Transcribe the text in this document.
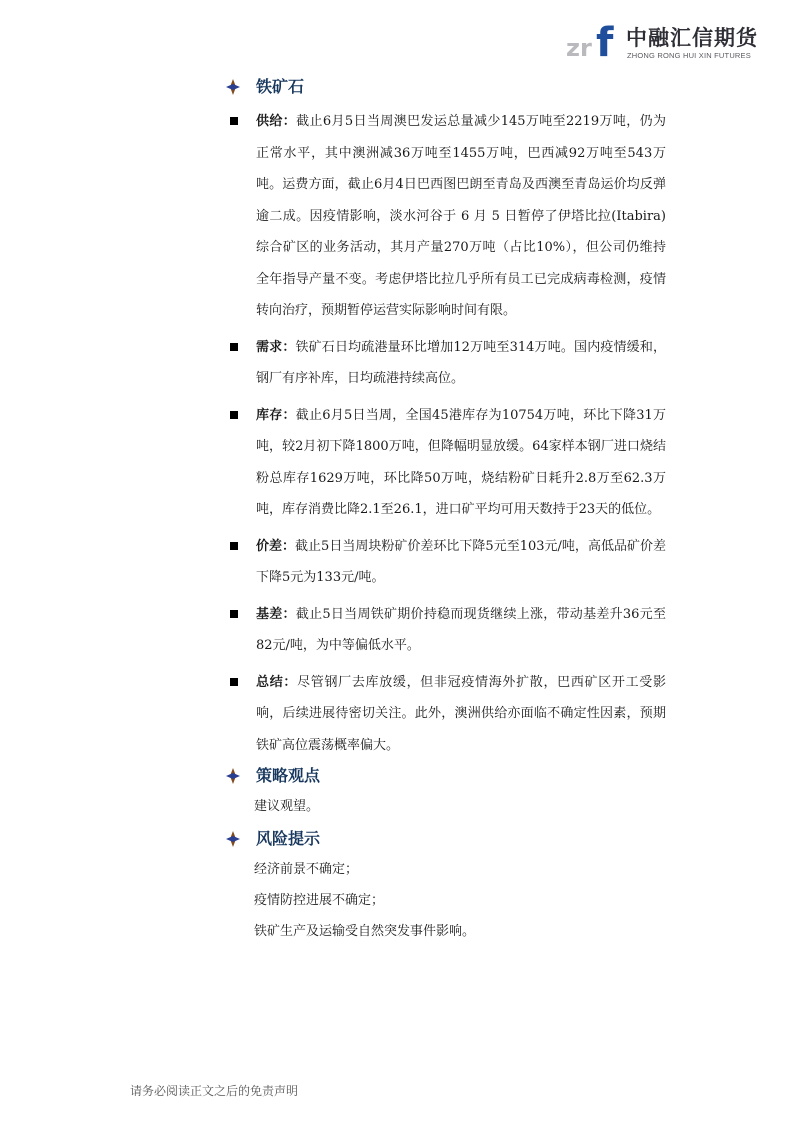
zr f 中融汇信期货
ZHONG RONG HUI XIN FUTURES
铁矿石
供给：截止6月5日当周澳巴发运总量减少145万吨至2219万吨，仍为正常水平，其中澳洲减36万吨至1455万吨，巴西减92万吨至543万吨。运费方面，截止6月4日巴西图巴朗至青岛及西澳至青岛运价均反弹逾二成。因疫情影响，淡水河谷于 6 月 5 日暂停了伊塔比拉(Itabira)综合矿区的业务活动，其月产量270万吨（占比10%），但公司仍维持全年指导产量不变。考虑伊塔比拉几乎所有员工已完成病毒检测，疫情转向治疗，预期暂停运营实际影响时间有限。
需求：铁矿石日均疏港量环比增加12万吨至314万吨。国内疫情缓和，钢厂有序补库，日均疏港持续高位。
库存：截止6月5日当周，全国45港库存为10754万吨，环比下降31万吨，较2月初下降1800万吨，但降幅明显放缓。64家样本钢厂进口烧结粉总库存1629万吨，环比降50万吨，烧结粉矿日耗升2.8万至62.3万吨，库存消费比降2.1至26.1，进口矿平均可用天数持于23天的低位。
价差：截止5日当周块粉矿价差环比下降5元至103元/吨，高低品矿价差下降5元为133元/吨。
基差：截止5日当周铁矿期价持稳而现货继续上涨，带动基差升36元至82元/吨，为中等偏低水平。
总结：尽管钢厂去库放缓，但非冠疫情海外扩散，巴西矿区开工受影响，后续进展待密切关注。此外，澳洲供给亦面临不确定性因素，预期铁矿高位震荡概率偏大。
策略观点
建议观望。
风险提示
经济前景不确定；
疫情防控进展不确定；
铁矿生产及运输受自然突发事件影响。
请务必阅读正文之后的免责声明
